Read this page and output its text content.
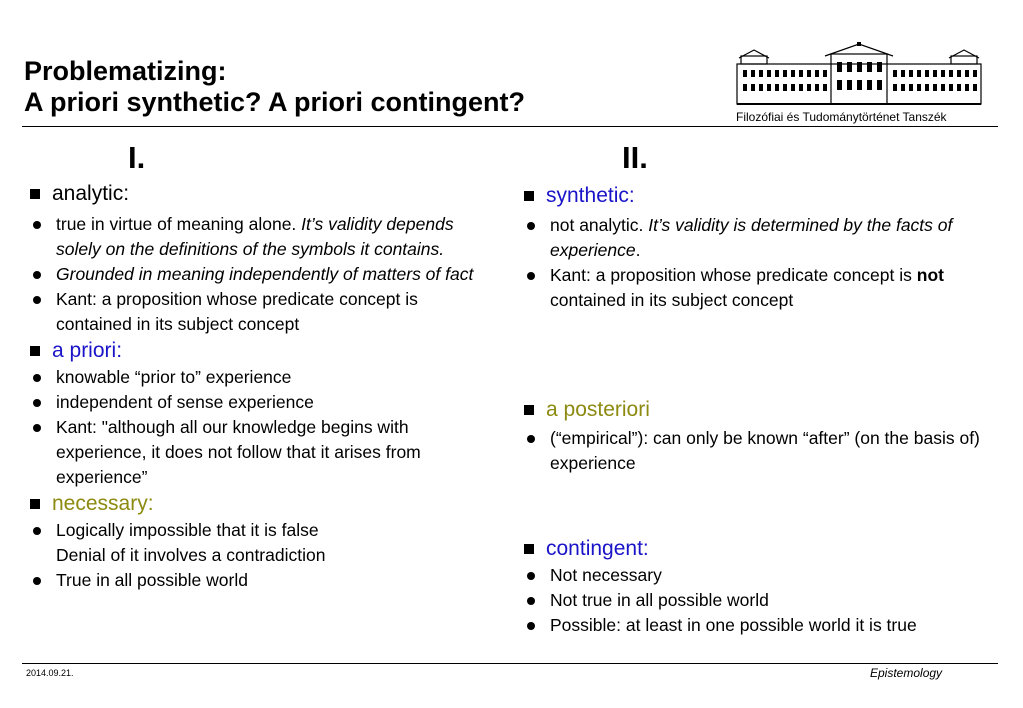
Problematizing:
A priori synthetic? A priori contingent?	Filozófiai és Tudománytörténet Tanszék
I.	II.
analytic:
true in virtue of meaning alone. It’s validity depends solely on the definitions of the symbols it contains.
Grounded in meaning independently of matters of fact
Kant: a proposition whose predicate concept is contained in its subject concept
a priori:
knowable “prior to” experience
independent of sense experience
Kant: "although all our knowledge begins with experience, it does not follow that it arises from experience”
necessary:
Logically impossible that it is false
Denial of it involves a contradiction
True in all possible world
synthetic:
not analytic. It’s validity is determined by the facts of experience.
Kant: a proposition whose predicate concept is not contained in its subject concept
a posteriori
(“empirical”): can only be known “after” (on the basis of) experience
contingent:
Not necessary
Not true in all possible world
Possible: at least in one possible world it is true
2014.09.21.	Epistemology
